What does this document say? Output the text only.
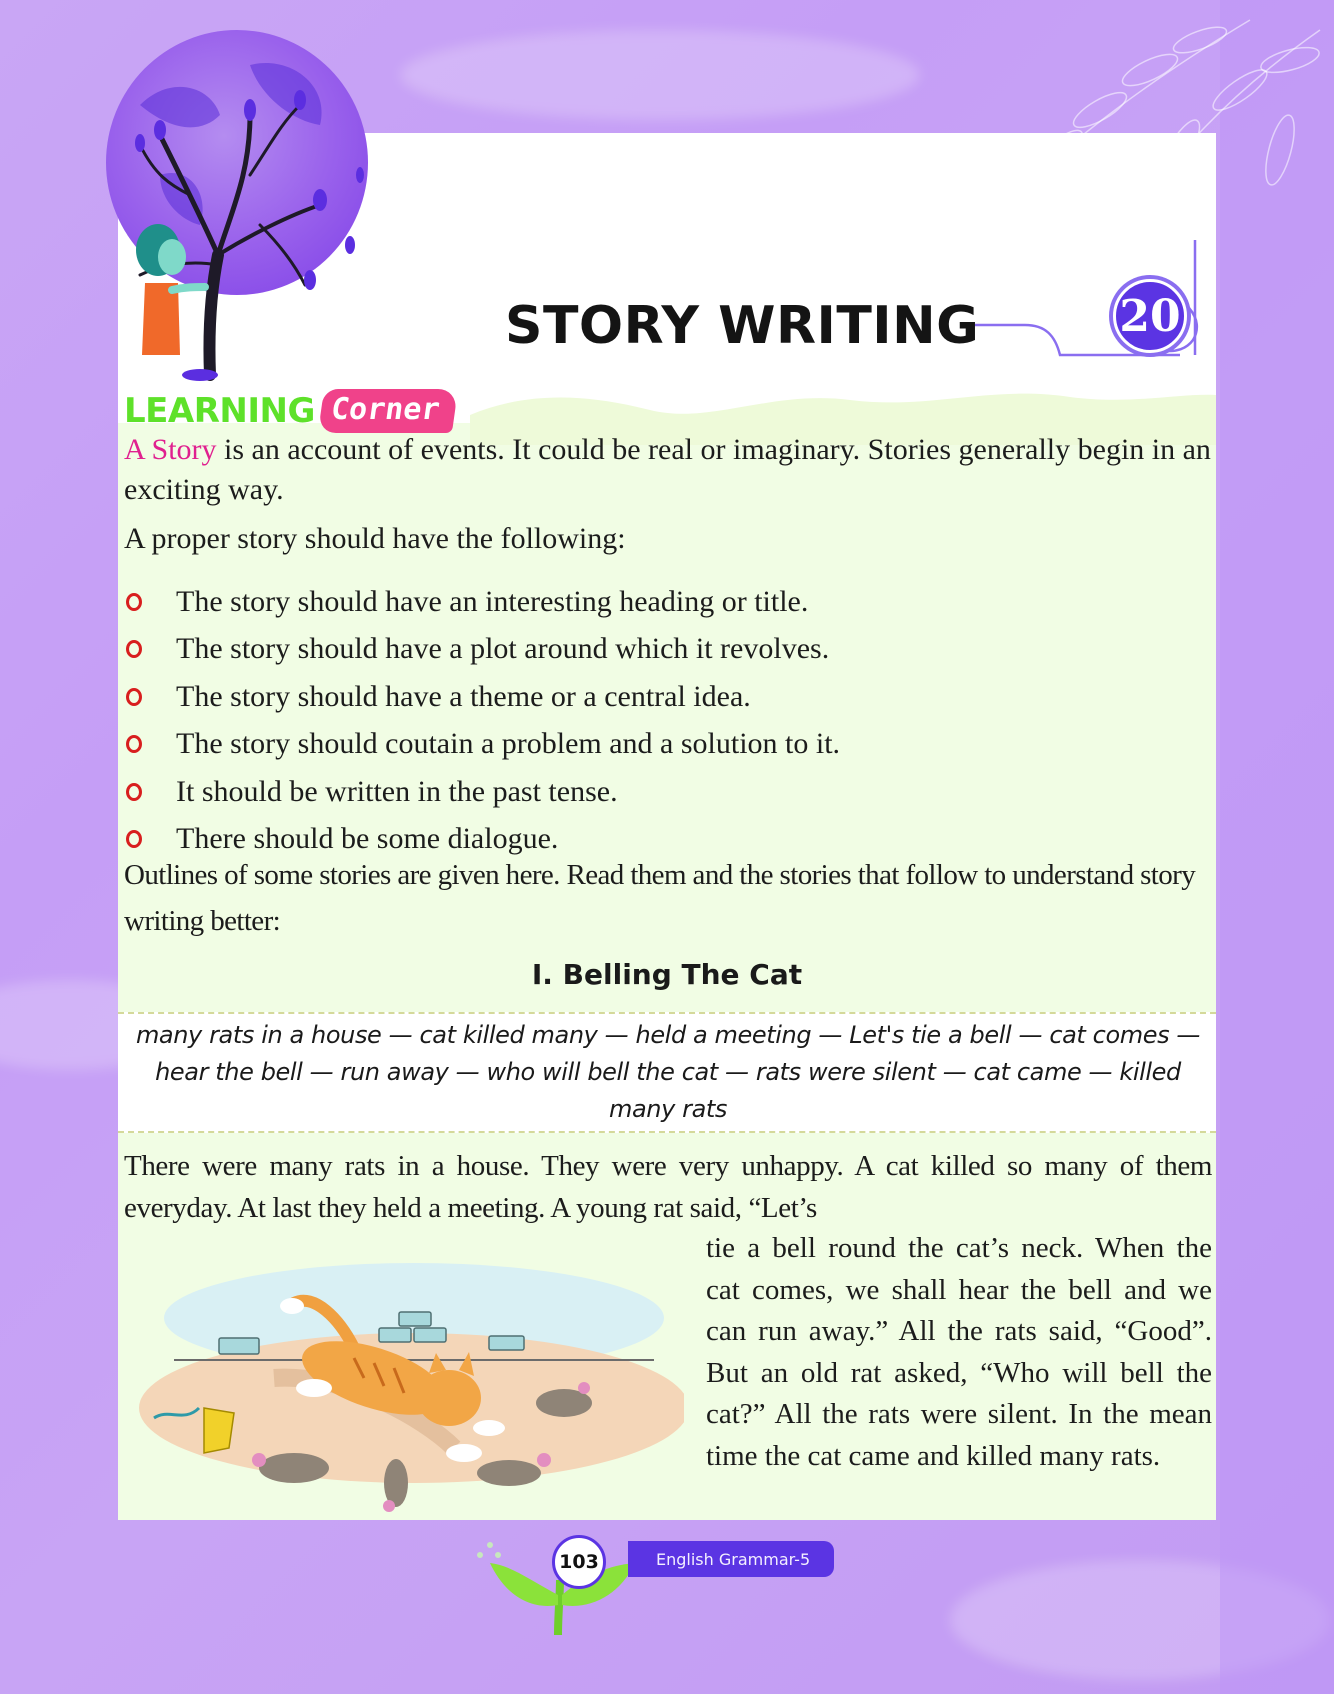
STORY WRITING	20
LEARNING Corner
A Story is an account of events. It could be real or imaginary. Stories generally begin in an exciting way.
A proper story should have the following:
The story should have an interesting heading or title.
The story should have a plot around which it revolves.
The story should have a theme or a central idea.
The story should coutain a problem and a solution to it.
It should be written in the past tense.
There should be some dialogue.
Outlines of some stories are given here. Read them and the stories that follow to understand story writing better:
I. Belling The Cat
many rats in a house — cat killed many — held a meeting — Let's tie a bell — cat comes — hear the bell — run away — who will bell the cat — rats were silent — cat came — killed many rats
There were many rats in a house. They were very unhappy. A cat killed so many of them everyday. At last they held a meeting. A young rat said, “Let’s
tie a bell round the cat’s neck. When the cat comes, we shall hear the bell and we can run away.” All the rats said, “Good”. But an old rat asked, “Who will bell the cat?” All the rats were silent. In the mean time the cat came and killed many rats.
103	English Grammar-5
